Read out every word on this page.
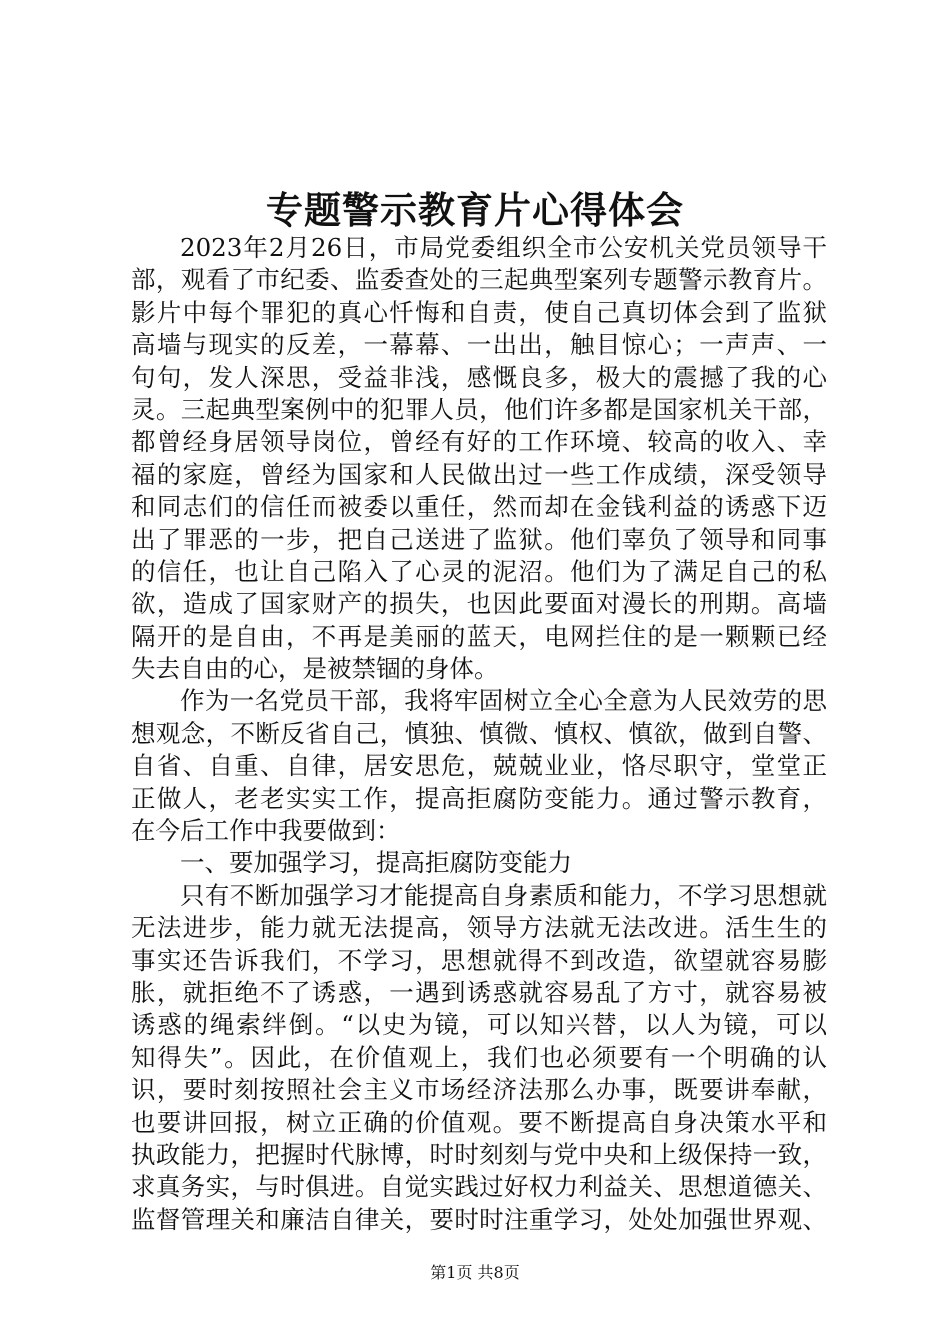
专题警示教育片心得体会
2023年2月26日，市局党委组织全市公安机关党员领导干
部，观看了市纪委、监委查处的三起典型案列专题警示教育片。
影片中每个罪犯的真心忏悔和自责，使自己真切体会到了监狱
高墙与现实的反差，一幕幕、一出出，触目惊心；一声声、一
句句，发人深思，受益非浅，感慨良多，极大的震撼了我的心
灵。三起典型案例中的犯罪人员，他们许多都是国家机关干部，
都曾经身居领导岗位，曾经有好的工作环境、较高的收入、幸
福的家庭，曾经为国家和人民做出过一些工作成绩，深受领导
和同志们的信任而被委以重任，然而却在金钱利益的诱惑下迈
出了罪恶的一步，把自己送进了监狱。他们辜负了领导和同事
的信任，也让自己陷入了心灵的泥沼。他们为了满足自己的私
欲，造成了国家财产的损失，也因此要面对漫长的刑期。高墙
隔开的是自由，不再是美丽的蓝天，电网拦住的是一颗颗已经
失去自由的心，是被禁锢的身体。
作为一名党员干部，我将牢固树立全心全意为人民效劳的思
想观念，不断反省自己，慎独、慎微、慎权、慎欲，做到自警、
自省、自重、自律，居安思危，兢兢业业，恪尽职守，堂堂正
正做人，老老实实工作，提高拒腐防变能力。通过警示教育，
在今后工作中我要做到：
一、要加强学习，提高拒腐防变能力
只有不断加强学习才能提高自身素质和能力，不学习思想就
无法进步，能力就无法提高，领导方法就无法改进。活生生的
事实还告诉我们，不学习，思想就得不到改造，欲望就容易膨
胀，就拒绝不了诱惑，一遇到诱惑就容易乱了方寸，就容易被
诱惑的绳索绊倒。“以史为镜，可以知兴替，以人为镜，可以
知得失”。因此，在价值观上，我们也必须要有一个明确的认
识，要时刻按照社会主义市场经济法那么办事，既要讲奉献，
也要讲回报，树立正确的价值观。要不断提高自身决策水平和
执政能力，把握时代脉博，时时刻刻与党中央和上级保持一致，
求真务实，与时俱进。自觉实践过好权力利益关、思想道德关、
监督管理关和廉洁自律关，要时时注重学习，处处加强世界观、
第1页 共8页
